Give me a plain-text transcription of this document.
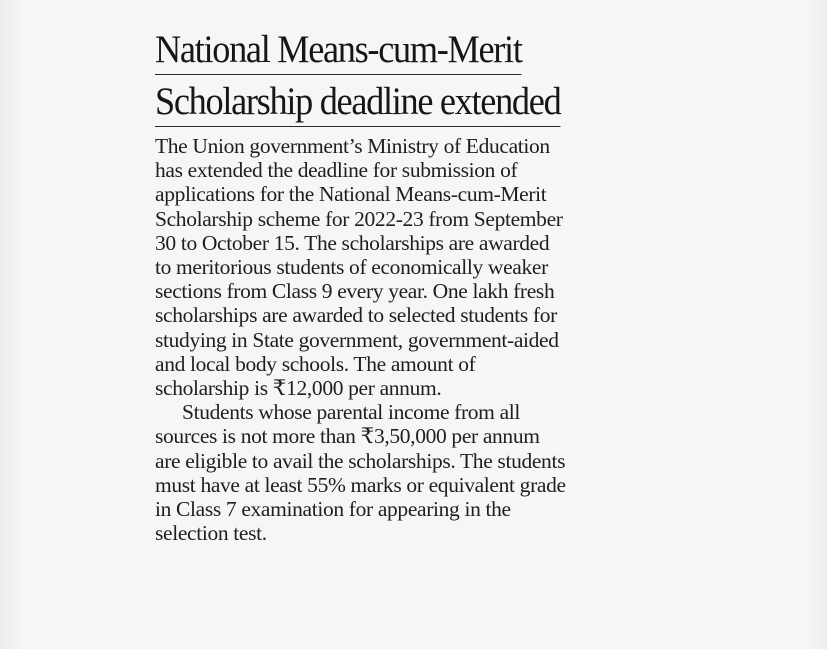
National Means-cum-Merit
Scholarship deadline extended
The Union government’s Ministry of Education
has extended the deadline for submission of
applications for the National Means-cum-Merit
Scholarship scheme for 2022-23 from September
30 to October 15. The scholarships are awarded
to meritorious students of economically weaker
sections from Class 9 every year. One lakh fresh
scholarships are awarded to selected students for
studying in State government, government-aided
and local body schools. The amount of
scholarship is ₹12,000 per annum.
Students whose parental income from all
sources is not more than ₹3,50,000 per annum
are eligible to avail the scholarships. The students
must have at least 55% marks or equivalent grade
in Class 7 examination for appearing in the
selection test.
